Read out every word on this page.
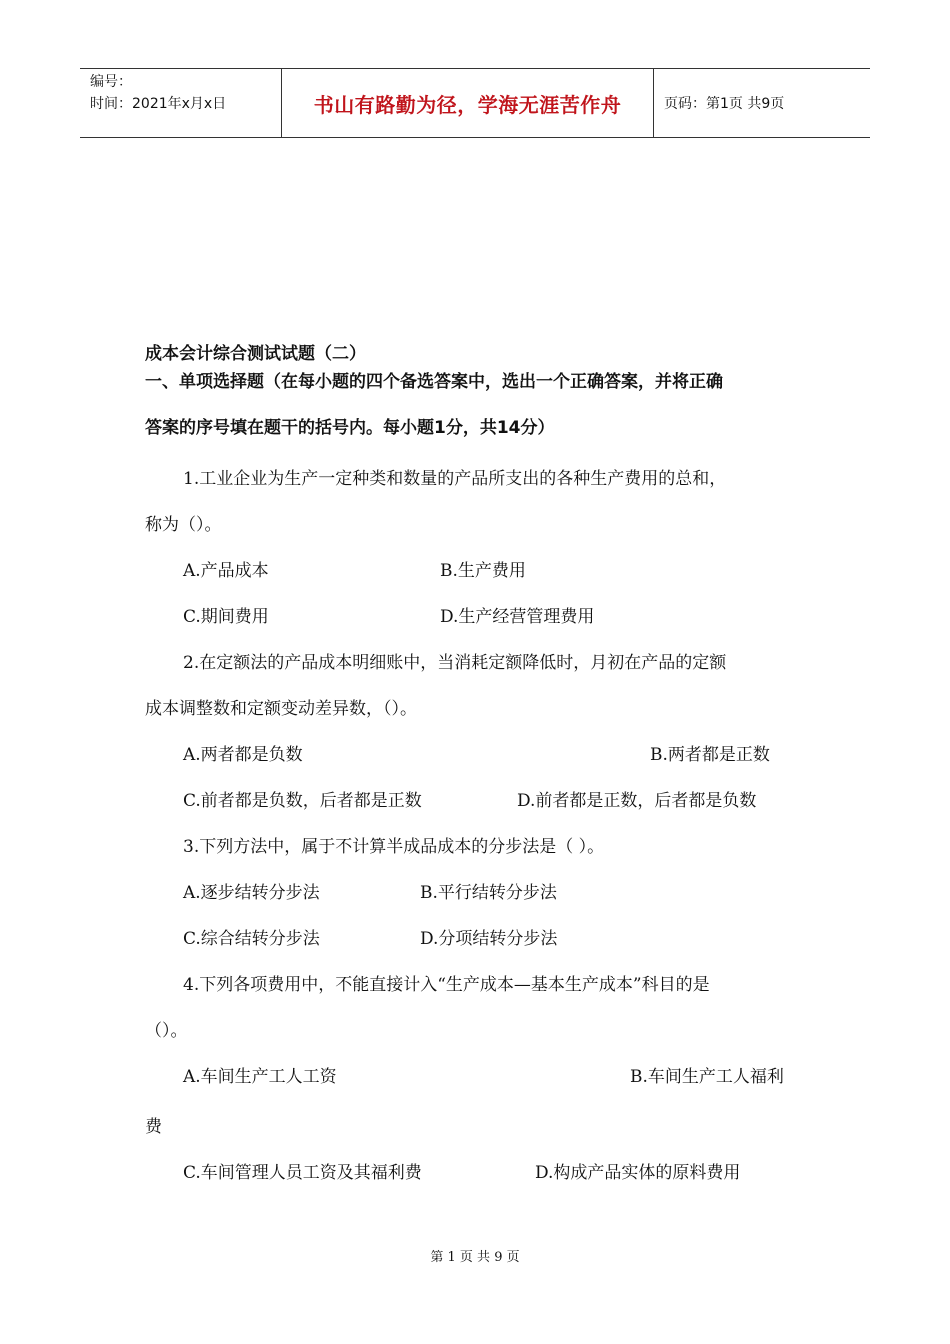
编号：
时间：2021年x月x日	书山有路勤为径，学海无涯苦作舟	页码：第1页 共9页
成本会计综合测试试题（二）
一、单项选择题（在每小题的四个备选答案中，选出一个正确答案，并将正确
答案的序号填在题干的括号内。每小题1分，共14分）
1.工业企业为生产一定种类和数量的产品所支出的各种生产费用的总和，
称为（）。
A.产品成本	B.生产费用
C.期间费用	D.生产经营管理费用
2.在定额法的产品成本明细账中，当消耗定额降低时，月初在产品的定额
成本调整数和定额变动差异数，（）。
A.两者都是负数	B.两者都是正数
C.前者都是负数，后者都是正数	D.前者都是正数，后者都是负数
3.下列方法中，属于不计算半成品成本的分步法是（ ）。
A.逐步结转分步法	B.平行结转分步法
C.综合结转分步法	D.分项结转分步法
4.下列各项费用中，不能直接计入“生产成本—基本生产成本”科目的是
（）。
A.车间生产工人工资	B.车间生产工人福利
费
C.车间管理人员工资及其福利费	D.构成产品实体的原料费用
第 1 页 共 9 页
